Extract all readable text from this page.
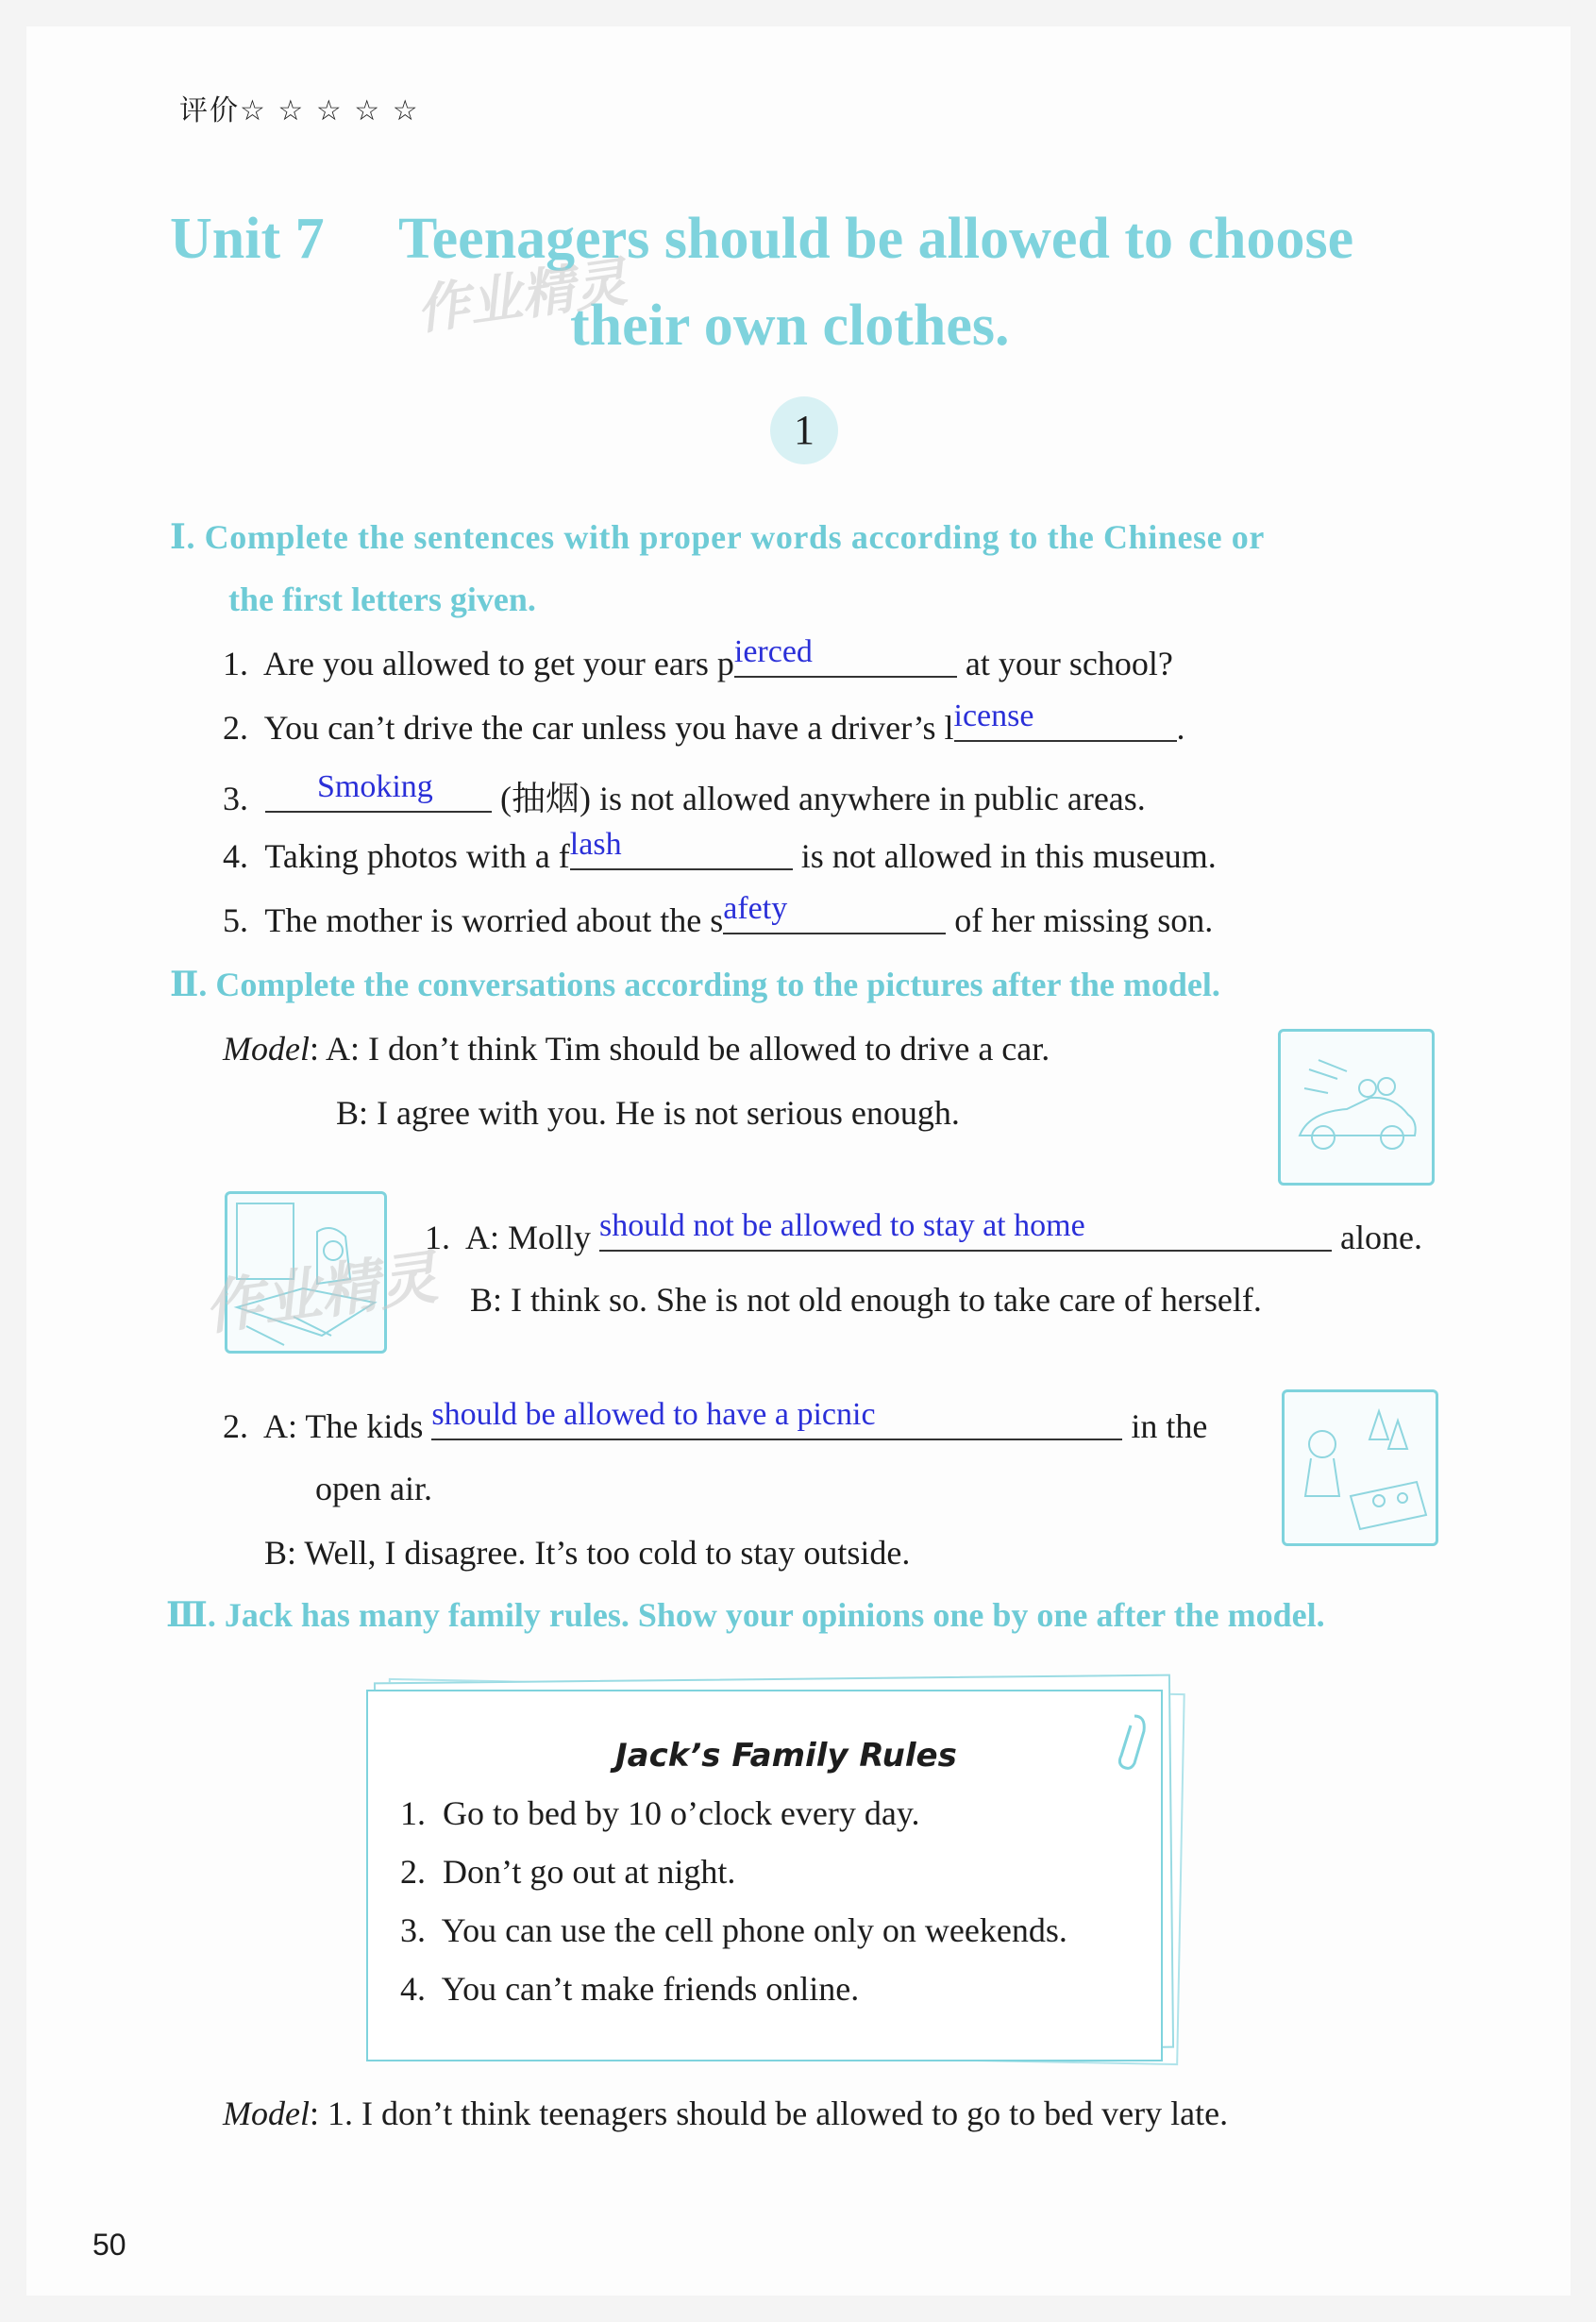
评价☆ ☆ ☆ ☆ ☆
Unit 7 Teenagers should be allowed to choose
their own clothes.
作业精灵
1
Ⅰ. Complete the sentences with proper words according to the Chinese or
the first letters given.
1. Are you allowed to get your ears pierced	at your school?
2. You can’t drive the car unless you have a driver’s license	.
3. Smoking (抽烟) is not allowed anywhere in public areas.
4. Taking photos with a flash	is not allowed in this museum.
5. The mother is worried about the safety	of her missing son.
Ⅱ. Complete the conversations according to the pictures after the model.
Model: A: I don’t think Tim should be allowed to drive a car.
B: I agree with you. He is not serious enough.
作业精灵
1. A: Molly should not be allowed to stay at home	alone.
B: I think so. She is not old enough to take care of herself.
2. A: The kids should be allowed to have a picnic	in the
open air.
B: Well, I disagree. It’s too cold to stay outside.
Ⅲ. Jack has many family rules. Show your opinions one by one after the model.
Jack’s Family Rules
1. Go to bed by 10 o’clock every day.
2. Don’t go out at night.
3. You can use the cell phone only on weekends.
4. You can’t make friends online.
Model: 1. I don’t think teenagers should be allowed to go to bed very late.
50
